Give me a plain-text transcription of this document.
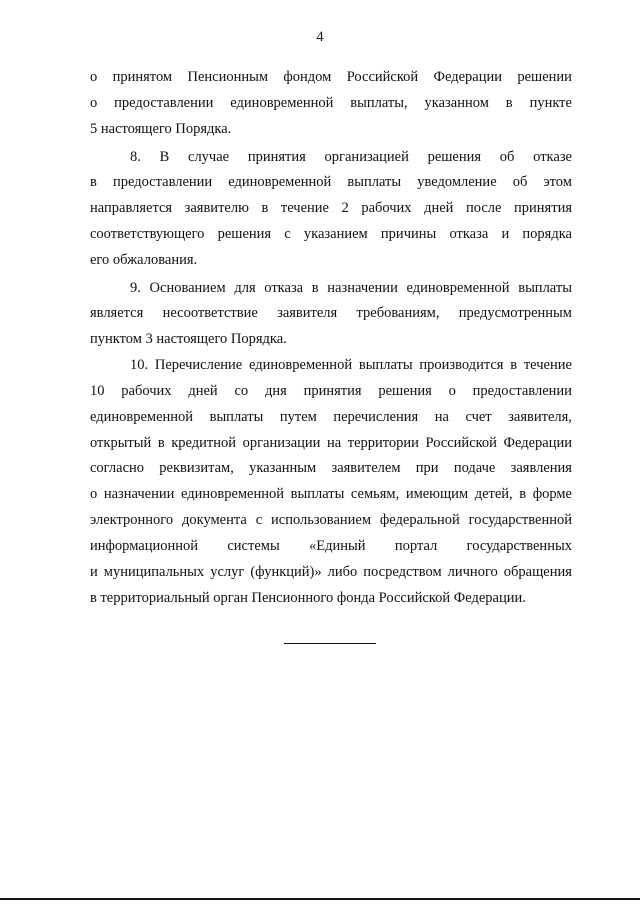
4
о принятом Пенсионным фондом Российской Федерации решении
о предоставлении единовременной выплаты, указанном в пункте
5 настоящего Порядка.
8. В случае принятия организацией решения об отказе
в предоставлении единовременной выплаты уведомление об этом
направляется заявителю в течение 2 рабочих дней после принятия
соответствующего решения с указанием причины отказа и порядка
его обжалования.
9. Основанием для отказа в назначении единовременной выплаты
является несоответствие заявителя требованиям, предусмотренным
пунктом 3 настоящего Порядка.
10. Перечисление единовременной выплаты производится в течение
10 рабочих дней со дня принятия решения о предоставлении
единовременной выплаты путем перечисления на счет заявителя,
открытый в кредитной организации на территории Российской Федерации
согласно реквизитам, указанным заявителем при подаче заявления
о назначении единовременной выплаты семьям, имеющим детей, в форме
электронного документа с использованием федеральной государственной
информационной системы «Единый портал государственных
и муниципальных услуг (функций)» либо посредством личного обращения
в территориальный орган Пенсионного фонда Российской Федерации.
